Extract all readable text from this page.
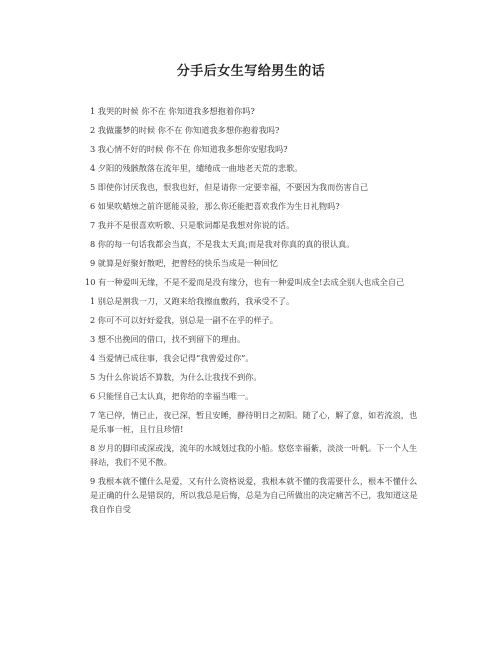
分手后女生写给男生的话

1 我哭的时候 你不在 你知道我多想抱着你吗?

2 我做噩梦的时候 你不在 你知道我多想你抱着我吗?

3 我心情不好的时候 你不在 你知道我多想你安慰我吗?

4 夕阳的残骸散落在流年里，缱绻成一曲地老天荒的悲歌。

5 即使你讨厌我也，恨我也好，但是请你一定要幸福，不要因为我而伤害自己

6 如果吹蜡烛之前许愿能灵验，那么你还能把喜欢我作为生日礼物吗?

7 我并不是很喜欢听歌、只是歌词都是我想对你说的话。

8 你的每一句话我都会当真，不是我太天真;而是我对你真的真的很认真。

9 就算是好聚好散吧，把曾经的快乐当成是一种回忆

10 有一种爱叫无缘，不是不爱而是没有缘分，也有一种爱叫成全!去成全别人也成全自己

1 别总是割我一刀，又跑来给我擦血敷药，我承受不了。

2 你可不可以好好爱我，别总是一副不在乎的样子。

3 想不出挽回的借口，找不到留下的理由。

4 当爱情已成往事，我会记得“我曾爱过你”。

5 为什么你说话不算数，为什么让我找不到你。

6 只能怪自己太认真，把你给的幸福当唯一。

7 笔已停，情已止，夜已深，暂且安睡，静待明日之初阳。随了心，解了意，如若流浪，也是乐事一桩，且行且珍惜!

8 岁月的脚印或深或浅，流年的水域划过我的小船。悠悠幸福紫，淡淡一叶帆。下一个人生驿站，我们不见不散。

9 我根本就不懂什么是爱，又有什么资格说爱，我根本就不懂的我需要什么，根本不懂什么是正确的什么是错误的，所以我总是后悔，总是为自己所做出的决定痛苦不已，我知道这是我自作自受
